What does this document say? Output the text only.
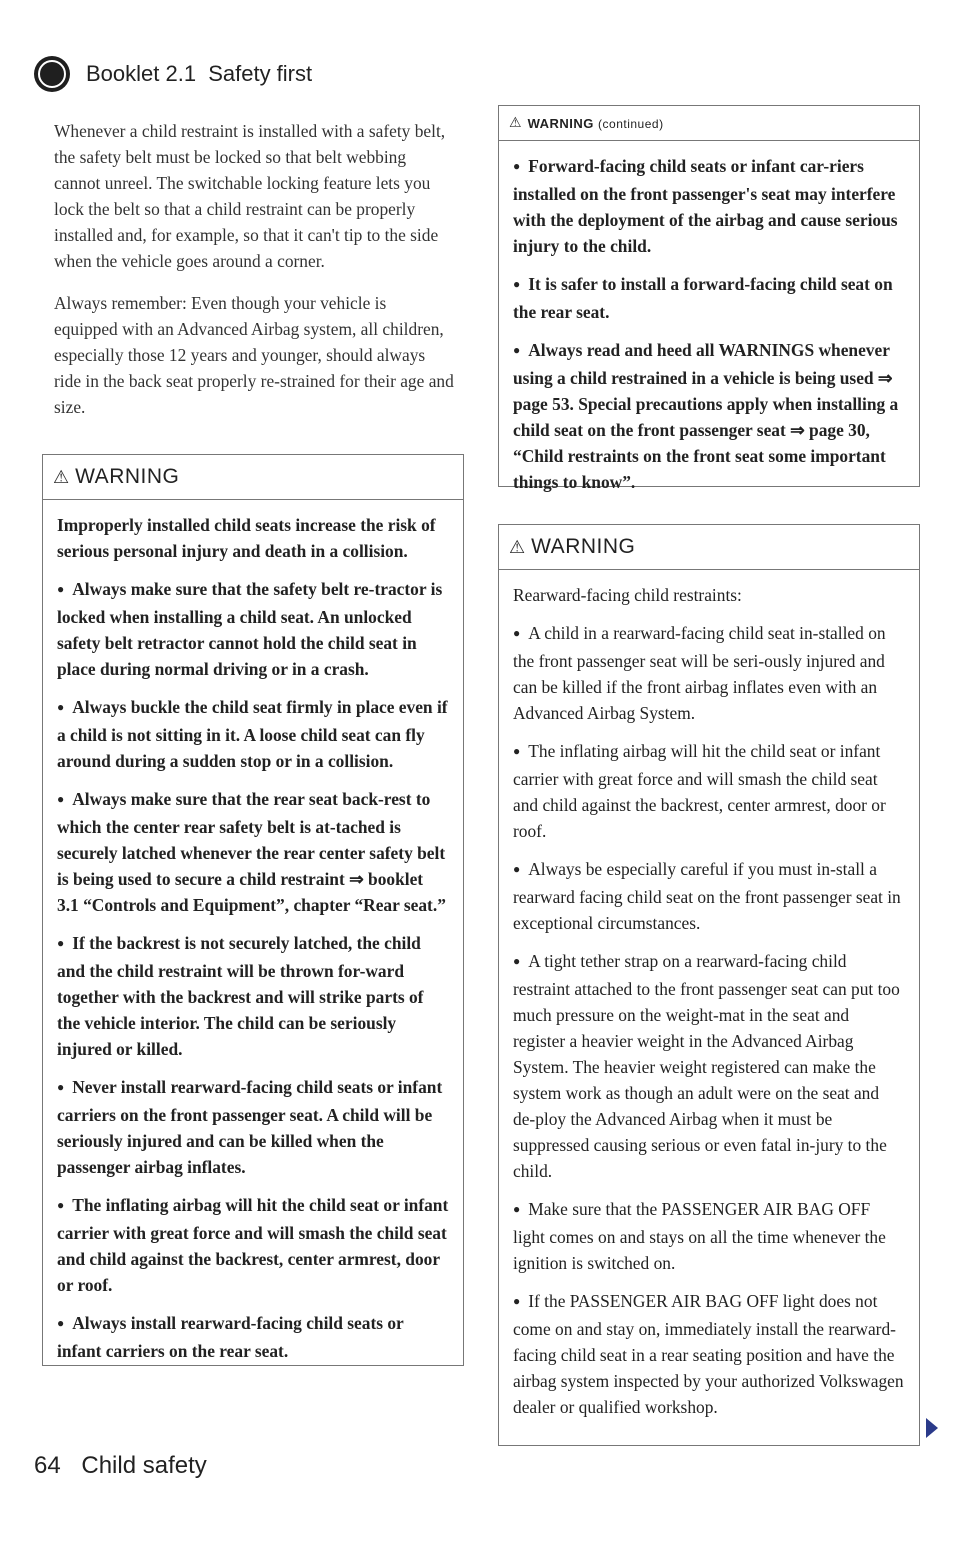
Booklet 2.1 Safety first

Whenever a child restraint is installed with a safety belt, the safety belt must be locked so that belt webbing cannot unreel. The switchable locking feature lets you lock the belt so that a child restraint can be properly installed and, for example, so that it can't tip to the side when the vehicle goes around a corner.

Always remember: Even though your vehicle is equipped with an Advanced Airbag system, all children, especially those 12 years and younger, should always ride in the back seat properly re-strained for their age and size.

⚠ WARNING

Improperly installed child seats increase the risk of serious personal injury and death in a collision.

● Always make sure that the safety belt re-tractor is locked when installing a child seat. An unlocked safety belt retractor cannot hold the child seat in place during normal driving or in a crash.
● Always buckle the child seat firmly in place even if a child is not sitting in it. A loose child seat can fly around during a sudden stop or in a collision.
● Always make sure that the rear seat back-rest to which the center rear safety belt is at-tached is securely latched whenever the rear center safety belt is being used to secure a child restraint ⇒ booklet 3.1 “Controls and Equipment”, chapter “Rear seat.”
● If the backrest is not securely latched, the child and the child restraint will be thrown for-ward together with the backrest and will strike parts of the vehicle interior. The child can be seriously injured or killed.
● Never install rearward-facing child seats or infant carriers on the front passenger seat. A child will be seriously injured and can be killed when the passenger airbag inflates.
● The inflating airbag will hit the child seat or infant carrier with great force and will smash the child seat and child against the backrest, center armrest, door or roof.
● Always install rearward-facing child seats or infant carriers on the rear seat.
⚠ WARNING (continued)
● Forward-facing child seats or infant car-riers installed on the front passenger's seat may interfere with the deployment of the airbag and cause serious injury to the child.
● It is safer to install a forward-facing child seat on the rear seat.
● Always read and heed all WARNINGS whenever using a child restrained in a vehicle is being used ⇒ page 53. Special precautions apply when installing a child seat on the front passenger seat ⇒ page 30, “Child restraints on the front seat some important things to know”.
⚠ WARNING

Rearward-facing child restraints:

● A child in a rearward-facing child seat in-stalled on the front passenger seat will be seri-ously injured and can be killed if the front airbag inflates even with an Advanced Airbag System.
● The inflating airbag will hit the child seat or infant carrier with great force and will smash the child seat and child against the backrest, center armrest, door or roof.
● Always be especially careful if you must in-stall a rearward facing child seat on the front passenger seat in exceptional circumstances.
● A tight tether strap on a rearward-facing child restraint attached to the front passenger seat can put too much pressure on the weight-mat in the seat and register a heavier weight in the Advanced Airbag System. The heavier weight registered can make the system work as though an adult were on the seat and de-ploy the Advanced Airbag when it must be suppressed causing serious or even fatal in-jury to the child.
● Make sure that the PASSENGER AIR BAG OFF light comes on and stays on all the time whenever the ignition is switched on.
● If the PASSENGER AIR BAG OFF light does not come on and stay on, immediately install the rearward-facing child seat in a rear seating position and have the airbag system inspected by your authorized Volkswagen dealer or qualified workshop.
64 Child safety
